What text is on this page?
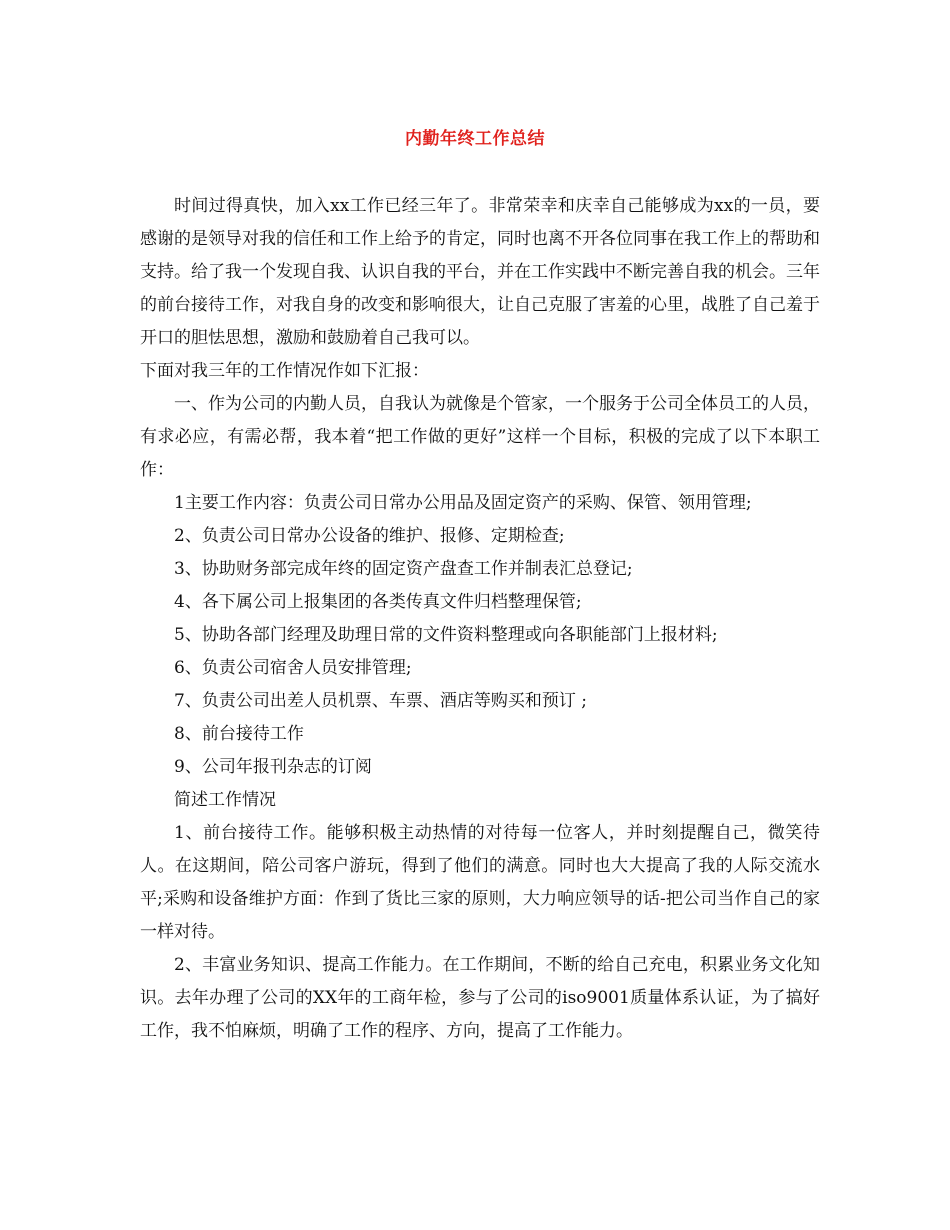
内勤年终工作总结

时间过得真快，加入xx工作已经三年了。非常荣幸和庆幸自己能够成为xx的一员，要感谢的是领导对我的信任和工作上给予的肯定，同时也离不开各位同事在我工作上的帮助和支持。给了我一个发现自我、认识自我的平台，并在工作实践中不断完善自我的机会。三年的前台接待工作，对我自身的改变和影响很大，让自己克服了害羞的心里，战胜了自己羞于开口的胆怯思想，激励和鼓励着自己我可以。

下面对我三年的工作情况作如下汇报：

一、作为公司的内勤人员，自我认为就像是个管家，一个服务于公司全体员工的人员，有求必应，有需必帮，我本着“把工作做的更好”这样一个目标，积极的完成了以下本职工作：

1主要工作内容：负责公司日常办公用品及固定资产的采购、保管、领用管理;

2、负责公司日常办公设备的维护、报修、定期检查;

3、协助财务部完成年终的固定资产盘查工作并制表汇总登记;

4、各下属公司上报集团的各类传真文件归档整理保管;

5、协助各部门经理及助理日常的文件资料整理或向各职能部门上报材料;

6、负责公司宿舍人员安排管理;

7、负责公司出差人员机票、车票、酒店等购买和预订 ;

8、前台接待工作

9、公司年报刊杂志的订阅

简述工作情况

1、前台接待工作。能够积极主动热情的对待每一位客人，并时刻提醒自己，微笑待人。在这期间，陪公司客户游玩，得到了他们的满意。同时也大大提高了我的人际交流水平;采购和设备维护方面：作到了货比三家的原则，大力响应领导的话-把公司当作自己的家一样对待。

2、丰富业务知识、提高工作能力。在工作期间，不断的给自己充电，积累业务文化知识。去年办理了公司的XX年的工商年检，参与了公司的iso9001质量体系认证，为了搞好工作，我不怕麻烦，明确了工作的程序、方向，提高了工作能力。
